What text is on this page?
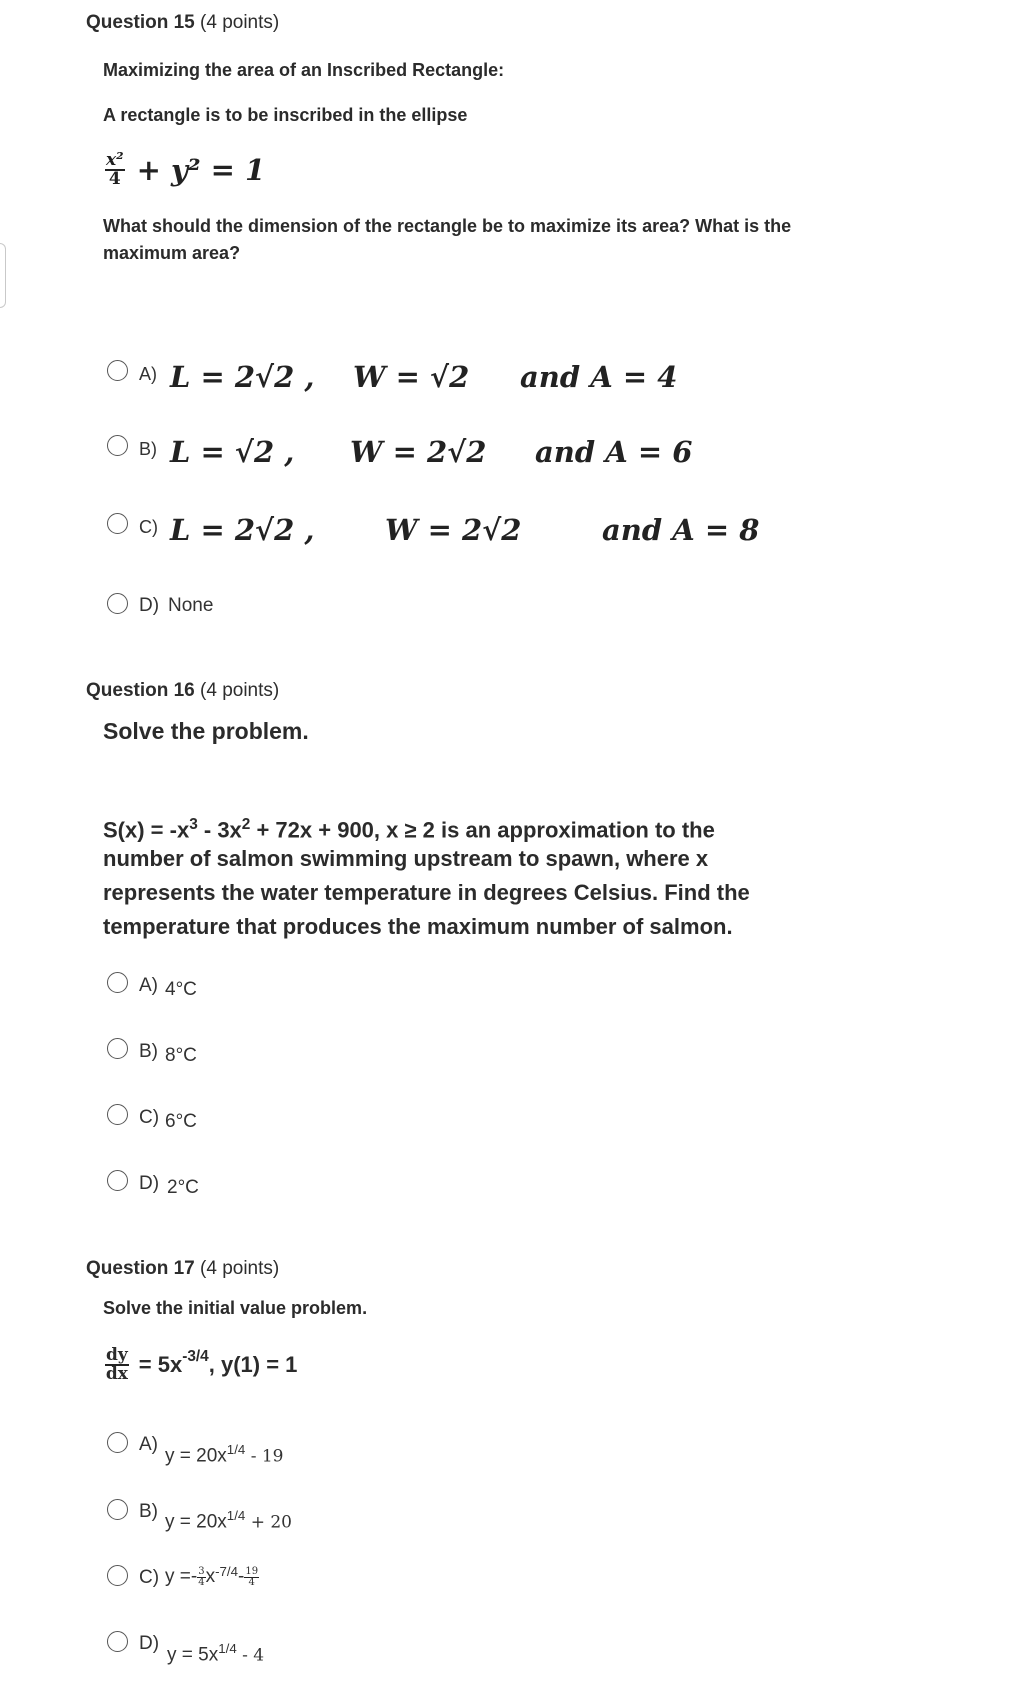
Question 15 (4 points)
Maximizing the area of an Inscribed Rectangle:
A rectangle is to be inscribed in the ellipse
$\frac{\text{x²}}{4} + y^2 = 1$
What should the dimension of the rectangle be to maximize its area? What is the
maximum area?
A) L = 2√2 , W = √2 and A = 4
B) L = √2 , W = 2√2 and A = 6
C) L = 2√2 , W = 2√2	and A = 8
D) None
Question 16 (4 points)
Solve the problem.
$S(x) = -x^3 - 3x^2 + 72x + 900$, x ≥ 2 is an approximation to the
number of salmon swimming upstream to spawn, where x
represents the water temperature in degrees Celsius. Find the
temperature that produces the maximum number of salmon.
A) 4°C
B) 8°C
C) 6°C
D) 2°C
Question 17 (4 points)
Solve the initial value problem.
$\frac{dy}{dx} = 5x^{-3/4}$ , y(1) = 1
A)
$y = 20x^{1/4} - 19$
B) $y = 20x^{1/4} + 20$
C) $y =- \frac{3}{4} x^{-7/4} - \frac{19}{4}$
D)
$y = 5x^{1/4} - 4$
